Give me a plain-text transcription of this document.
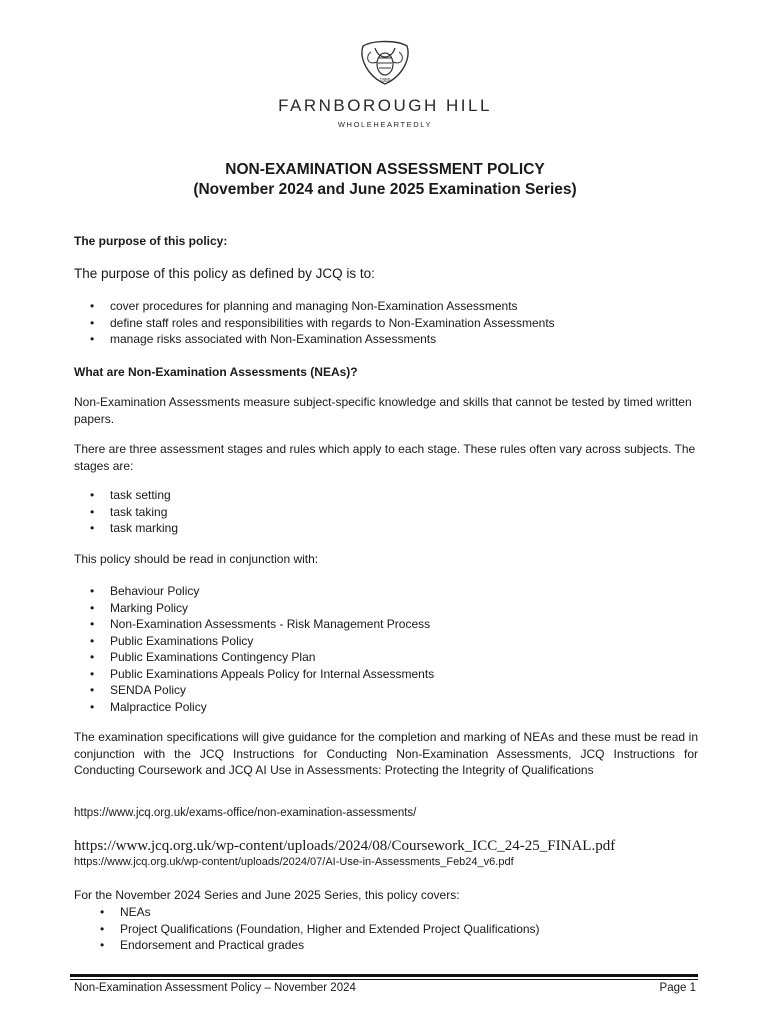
1889
FARNBOROUGH HILL
WHOLEHEARTEDLY
NON-EXAMINATION ASSESSMENT POLICY
(November 2024 and June 2025 Examination Series)
The purpose of this policy:
The purpose of this policy as defined by JCQ is to:
• cover procedures for planning and managing Non-Examination Assessments
• define staff roles and responsibilities with regards to Non-Examination Assessments
• manage risks associated with Non-Examination Assessments
What are Non-Examination Assessments (NEAs)?
Non-Examination Assessments measure subject-specific knowledge and skills that cannot be tested by timed written papers.
There are three assessment stages and rules which apply to each stage. These rules often vary across subjects. The stages are:
• task setting
• task taking
• task marking
This policy should be read in conjunction with:
• Behaviour Policy
• Marking Policy
• Non-Examination Assessments - Risk Management Process
• Public Examinations Policy
• Public Examinations Contingency Plan
• Public Examinations Appeals Policy for Internal Assessments
• SENDA Policy
• Malpractice Policy
The examination specifications will give guidance for the completion and marking of NEAs and these must be read in conjunction with the JCQ Instructions for Conducting Non-Examination Assessments, JCQ Instructions for Conducting Coursework and JCQ AI Use in Assessments: Protecting the Integrity of Qualifications
https://www.jcq.org.uk/exams-office/non-examination-assessments/
https://www.jcq.org.uk/wp-content/uploads/2024/08/Coursework_ICC_24-25_FINAL.pdf
https://www.jcq.org.uk/wp-content/uploads/2024/07/AI-Use-in-Assessments_Feb24_v6.pdf
For the November 2024 Series and June 2025 Series, this policy covers:
• NEAs
• Project Qualifications (Foundation, Higher and Extended Project Qualifications)
• Endorsement and Practical grades
Non-Examination Assessment Policy – November 2024	Page 1
